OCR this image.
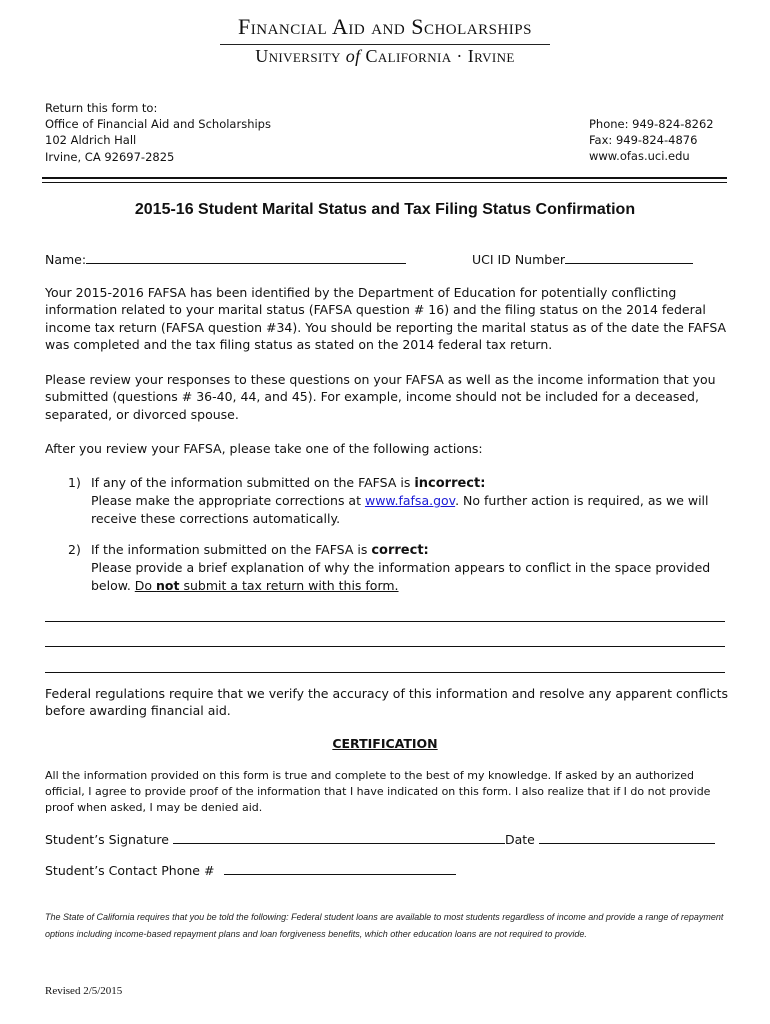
Financial Aid and Scholarships
University of California · Irvine
Return this form to:
Office of Financial Aid and Scholarships
102 Aldrich Hall
Irvine, CA 92697-2825
Phone: 949-824-8262
Fax: 949-824-4876
www.ofas.uci.edu
2015-16 Student Marital Status and Tax Filing Status Confirmation
Name:	UCI ID Number
Your 2015-2016 FAFSA has been identified by the Department of Education for potentially conflicting information related to your marital status (FAFSA question # 16) and the filing status on the 2014 federal income tax return (FAFSA question #34). You should be reporting the marital status as of the date the FAFSA was completed and the tax filing status as stated on the 2014 federal tax return.
Please review your responses to these questions on your FAFSA as well as the income information that you submitted (questions # 36-40, 44, and 45). For example, income should not be included for a deceased, separated, or divorced spouse.
After you review your FAFSA, please take one of the following actions:
1) If any of the information submitted on the FAFSA is incorrect:
Please make the appropriate corrections at www.fafsa.gov. No further action is required, as we will receive these corrections automatically.
2) If the information submitted on the FAFSA is correct:
Please provide a brief explanation of why the information appears to conflict in the space provided below. Do not submit a tax return with this form.
Federal regulations require that we verify the accuracy of this information and resolve any apparent conflicts before awarding financial aid.
CERTIFICATION
All the information provided on this form is true and complete to the best of my knowledge. If asked by an authorized official, I agree to provide proof of the information that I have indicated on this form. I also realize that if I do not provide proof when asked, I may be denied aid.
Student’s Signature	Date
Student’s Contact Phone #
The State of California requires that you be told the following: Federal student loans are available to most students regardless of income and provide a range of repayment options including income-based repayment plans and loan forgiveness benefits, which other education loans are not required to provide.
Revised 2/5/2015
